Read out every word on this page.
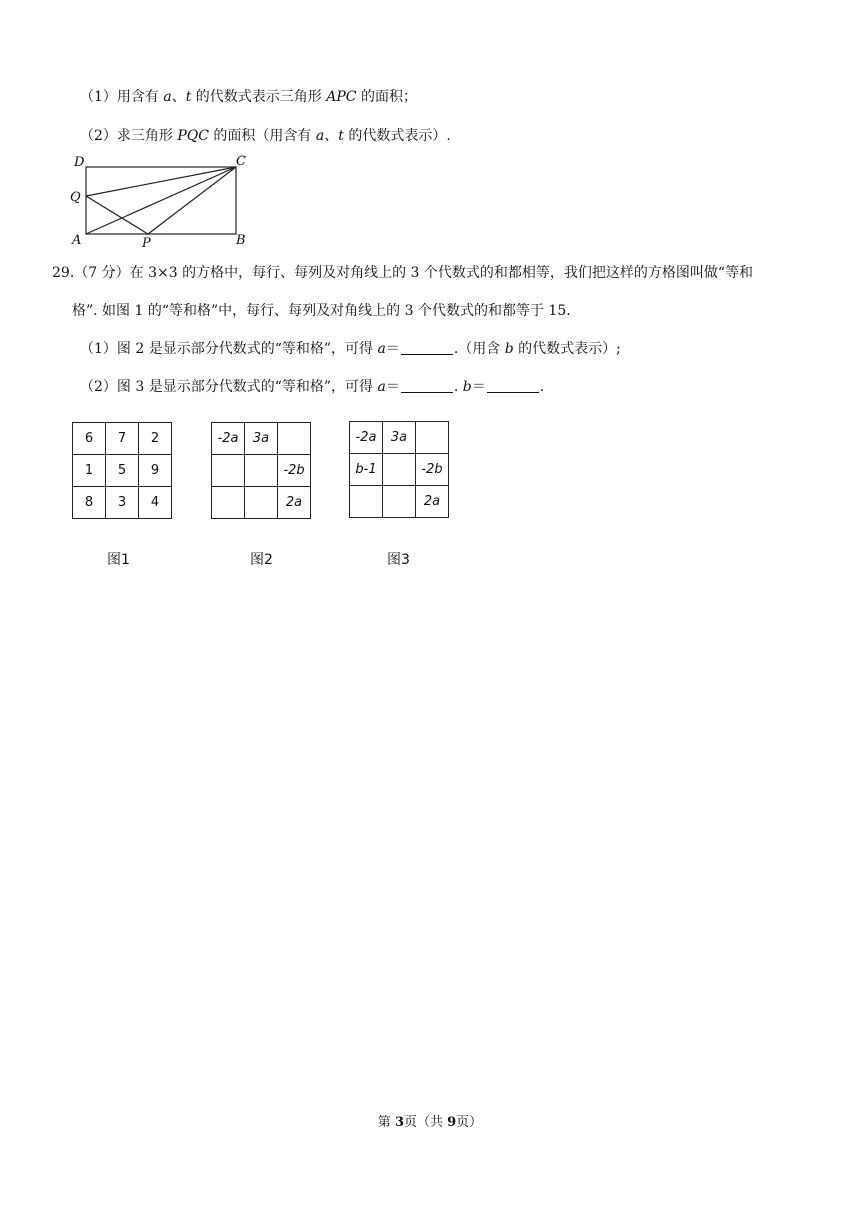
（1）用含有 a、t 的代数式表示三角形 APC 的面积；
（2）求三角形 PQC 的面积（用含有 a、t 的代数式表示）.
D	C
Q
A	P	B
29.（7 分）在 3×3 的方格中，每行、每列及对角线上的 3 个代数式的和都相等，我们把这样的方格图叫做“等和
格”. 如图 1 的“等和格”中，每行、每列及对角线上的 3 个代数式的和都等于 15.
（1）图 2 是显示部分代数式的“等和格”，可得 a＝	.（用含 b 的代数式表示）;
（2）图 3 是显示部分代数式的“等和格”，可得 a＝	. b＝	.
6	7	2
1	5	9
8	3	4
图1
-2a	3a	
		-2b
		2a
图2
-2a	3a	
b-1		-2b
		2a
图3
第 3页（共 9页）
